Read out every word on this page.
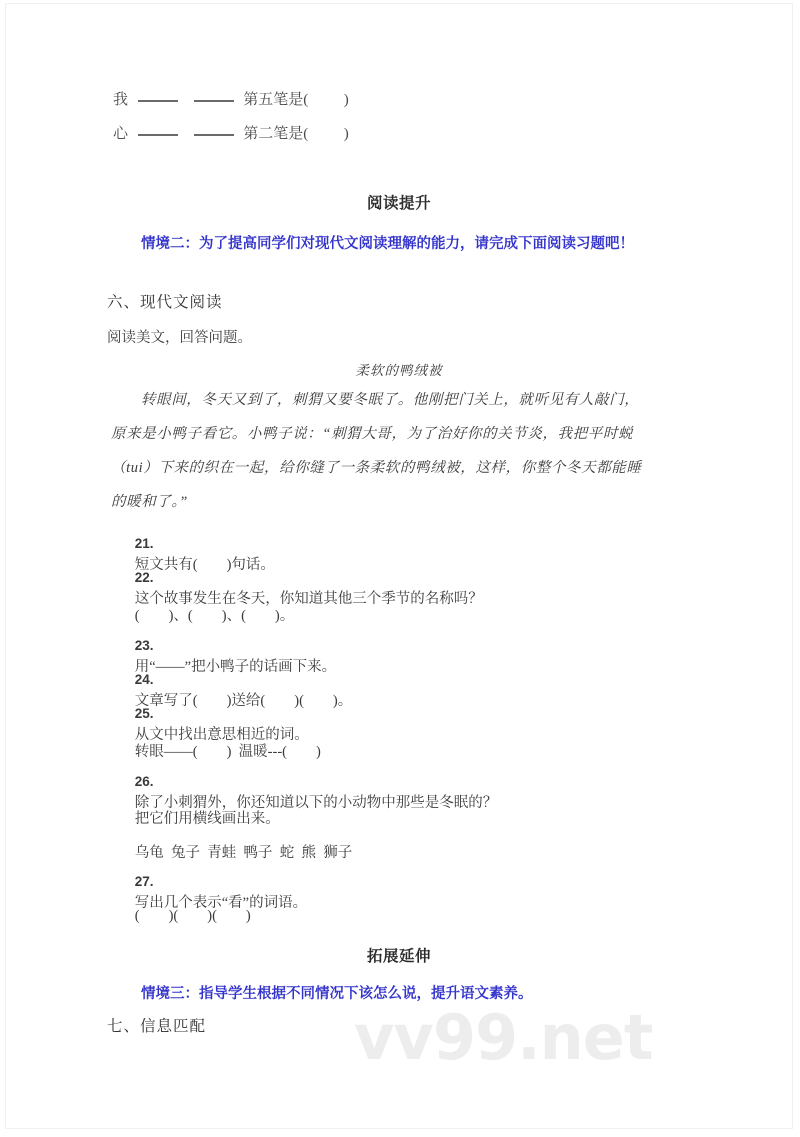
vv99.net
我	第五笔是( )
心	第二笔是( )
阅读提升
情境二：为了提高同学们对现代文阅读理解的能力，请完成下面阅读习题吧！
六、现代文阅读
阅读美文，回答问题。
柔软的鸭绒被
转眼间，冬天又到了，刺猬又要冬眠了。他刚把门关上，就听见有人敲门，
原来是小鸭子看它。小鸭子说：“刺猬大哥，为了治好你的关节炎，我把平时蜕
（tui）下来的织在一起，给你缝了一条柔软的鸭绒被，这样，你整个冬天都能睡
的暖和了。”

21.
短文共有(        )句话。

22.
这个故事发生在冬天，你知道其他三个季节的名称吗？

(        )、(        )、(        )。

23.
用“——”把小鸭子的话画下来。

24.
文章写了(        )送给(        )(        )。

25.
从文中找出意思相近的词。

转眼——(        )  温暖---(        )

26.
除了小刺猬外，你还知道以下的小动物中那些是冬眠的？

把它们用横线画出来。

乌龟  兔子  青蛙  鸭子  蛇  熊  狮子

27.
写出几个表示“看”的词语。

(        )(        )(        )

拓展延伸
情境三：指导学生根据不同情况下该怎么说，提升语文素养。
七、信息匹配
